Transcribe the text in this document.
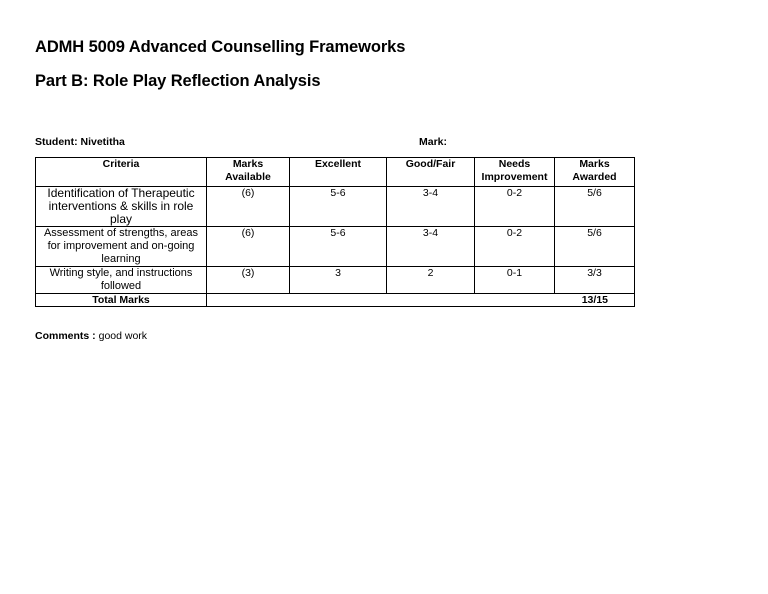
ADMH 5009 Advanced Counselling Frameworks
Part B: Role Play Reflection Analysis
Student: Nivetitha	Mark:
Criteria	Marks Available	Excellent	Good/Fair	Needs Improvement	Marks Awarded
Identification of Therapeutic interventions & skills in role play	(6)	5-6	3-4	0-2	5/6
Assessment of strengths, areas for improvement and on-going learning	(6)	5-6	3-4	0-2	5/6
Writing style, and instructions followed	(3)	3	2	0-1	3/3
Total Marks	13/15				
Comments : good work
